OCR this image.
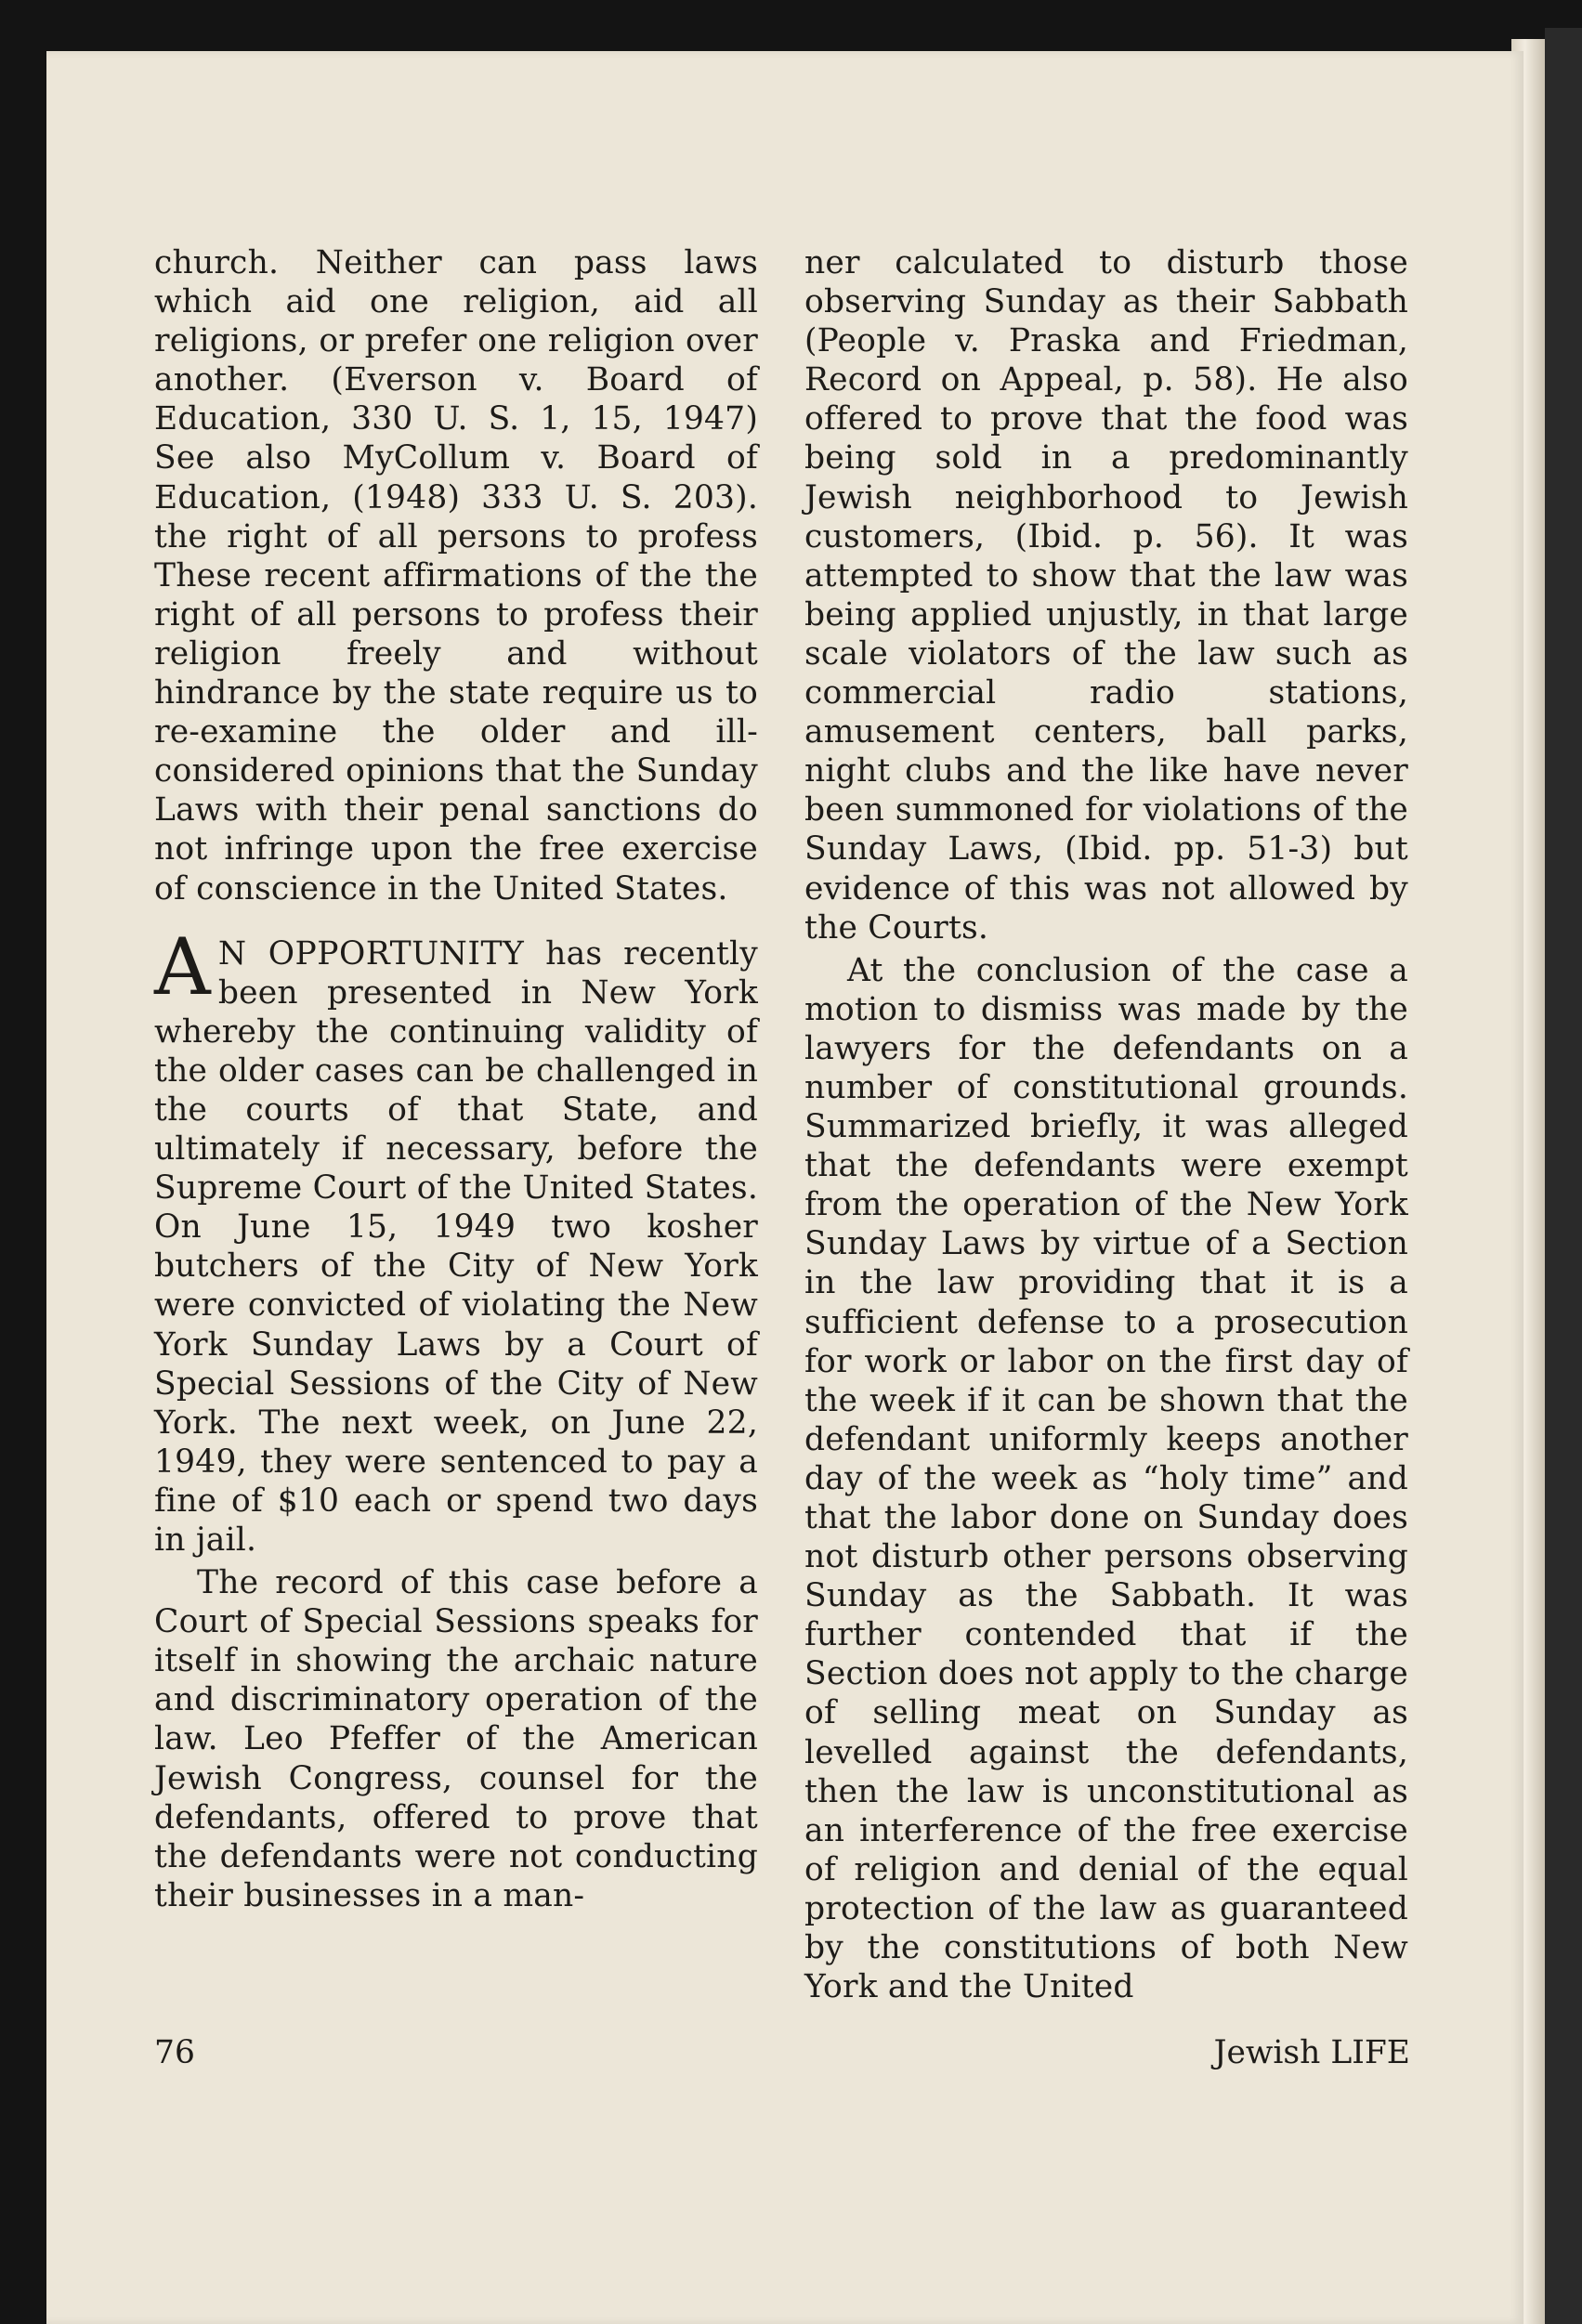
church. Neither can pass laws which aid one religion, aid all religions, or prefer one religion over another. (Everson v. Board of Education, 330 U. S. 1, 15, 1947) See also MyCollum v. Board of Education, (1948) 333 U. S. 203). the right of all persons to profess These recent affirmations of the the right of all persons to profess their religion freely and without hindrance by the state require us to re-examine the older and ill-considered opinions that the Sunday Laws with their penal sanctions do not infringe upon the free exercise of conscience in the United States.

A N OPPORTUNITY has recently been presented in New York whereby the continuing validity of the older cases can be challenged in the courts of that State, and ultimately if necessary, before the Supreme Court of the United States. On June 15, 1949 two kosher butchers of the City of New York were convicted of violating the New York Sunday Laws by a Court of Special Sessions of the City of New York. The next week, on June 22, 1949, they were sentenced to pay a fine of $10 each or spend two days in jail.

The record of this case before a Court of Special Sessions speaks for itself in showing the archaic nature and discriminatory operation of the law. Leo Pfeffer of the American Jewish Congress, counsel for the defendants, offered to prove that the defendants were not conducting their businesses in a man-

ner calculated to disturb those observing Sunday as their Sabbath (People v. Praska and Friedman, Record on Appeal, p. 58). He also offered to prove that the food was being sold in a predominantly Jewish neighborhood to Jewish customers, (Ibid. p. 56). It was attempted to show that the law was being applied unjustly, in that large scale violators of the law such as commercial radio stations, amusement centers, ball parks, night clubs and the like have never been summoned for violations of the Sunday Laws, (Ibid. pp. 51-3) but evidence of this was not allowed by the Courts.

At the conclusion of the case a motion to dismiss was made by the lawyers for the defendants on a number of constitutional grounds. Summarized briefly, it was alleged that the defendants were exempt from the operation of the New York Sunday Laws by virtue of a Section in the law providing that it is a sufficient defense to a prosecution for work or labor on the first day of the week if it can be shown that the defendant uniformly keeps another day of the week as “holy time” and that the labor done on Sunday does not disturb other persons observing Sunday as the Sabbath. It was further contended that if the Section does not apply to the charge of selling meat on Sunday as levelled against the defendants, then the law is unconstitutional as an interference of the free exercise of religion and denial of the equal protection of the law as guaranteed by the constitutions of both New York and the United

76	Jewish LIFE
